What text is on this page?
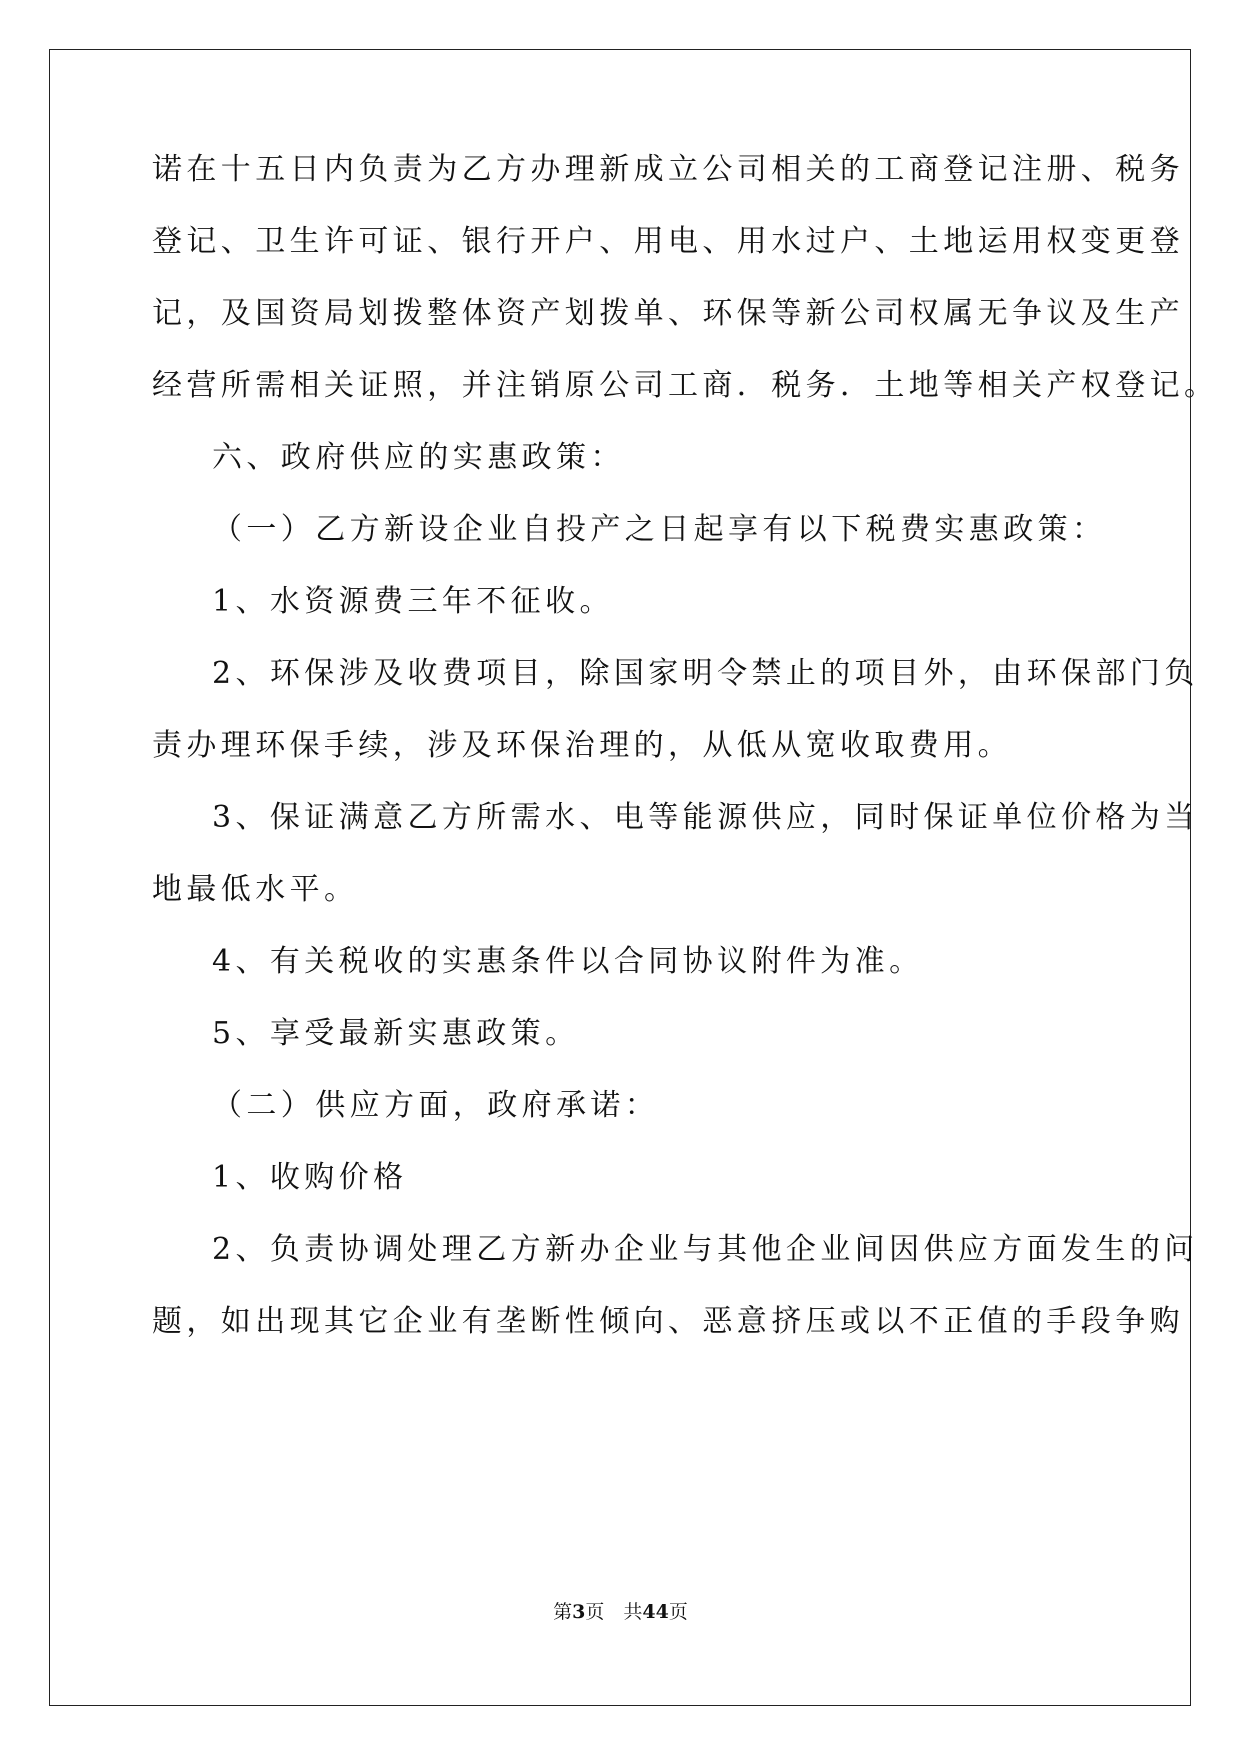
诺在十五日内负责为乙方办理新成立公司相关的工商登记注册、税务
登记、卫生许可证、银行开户、用电、用水过户、土地运用权变更登
记，及国资局划拨整体资产划拨单、环保等新公司权属无争议及生产
经营所需相关证照，并注销原公司工商．税务．土地等相关产权登记。
六、政府供应的实惠政策：
（一）乙方新设企业自投产之日起享有以下税费实惠政策：
1、水资源费三年不征收。
2、环保涉及收费项目，除国家明令禁止的项目外，由环保部门负
责办理环保手续，涉及环保治理的，从低从宽收取费用。
3、保证满意乙方所需水、电等能源供应，同时保证单位价格为当
地最低水平。
4、有关税收的实惠条件以合同协议附件为准。
5、享受最新实惠政策。
（二）供应方面，政府承诺：
1、收购价格
2、负责协调处理乙方新办企业与其他企业间因供应方面发生的问
题，如出现其它企业有垄断性倾向、恶意挤压或以不正值的手段争购
第3页　共44页
